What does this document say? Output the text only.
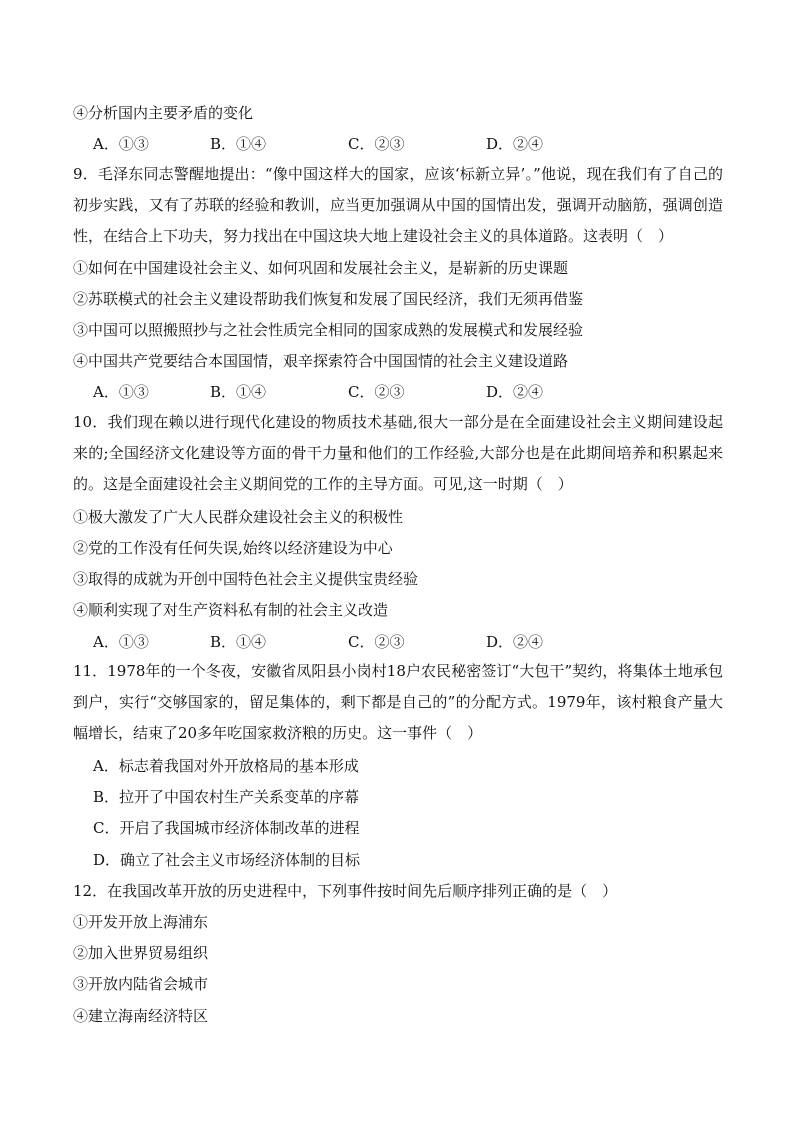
④分析国内主要矛盾的变化
A．①③	B．①④	C．②③	D．②④
9．毛泽东同志警醒地提出：“像中国这样大的国家，应该‘标新立异’。”他说，现在我们有了自己的初步实践，又有了苏联的经验和教训，应当更加强调从中国的国情出发，强调开动脑筋，强调创造性，在结合上下功夫，努力找出在中国这块大地上建设社会主义的具体道路。这表明（　）
①如何在中国建设社会主义、如何巩固和发展社会主义，是崭新的历史课题
②苏联模式的社会主义建设帮助我们恢复和发展了国民经济，我们无须再借鉴
③中国可以照搬照抄与之社会性质完全相同的国家成熟的发展模式和发展经验
④中国共产党要结合本国国情，艰辛探索符合中国国情的社会主义建设道路
A．①③	B．①④	C．②③	D．②④
10．我们现在赖以进行现代化建设的物质技术基础,很大一部分是在全面建设社会主义期间建设起来的;全国经济文化建设等方面的骨干力量和他们的工作经验,大部分也是在此期间培养和积累起来的。这是全面建设社会主义期间党的工作的主导方面。可见,这一时期（　）
①极大激发了广大人民群众建设社会主义的积极性
②党的工作没有任何失误,始终以经济建设为中心
③取得的成就为开创中国特色社会主义提供宝贵经验
④顺利实现了对生产资料私有制的社会主义改造
A．①③	B．①④	C．②③	D．②④
11．1978年的一个冬夜，安徽省凤阳县小岗村18户农民秘密签订“大包干”契约，将集体土地承包到户，实行“交够国家的，留足集体的，剩下都是自己的”的分配方式。1979年，该村粮食产量大幅增长，结束了20多年吃国家救济粮的历史。这一事件（　）
A．标志着我国对外开放格局的基本形成
B．拉开了中国农村生产关系变革的序幕
C．开启了我国城市经济体制改革的进程
D．确立了社会主义市场经济体制的目标
12．在我国改革开放的历史进程中，下列事件按时间先后顺序排列正确的是（　）
①开发开放上海浦东
②加入世界贸易组织
③开放内陆省会城市
④建立海南经济特区
